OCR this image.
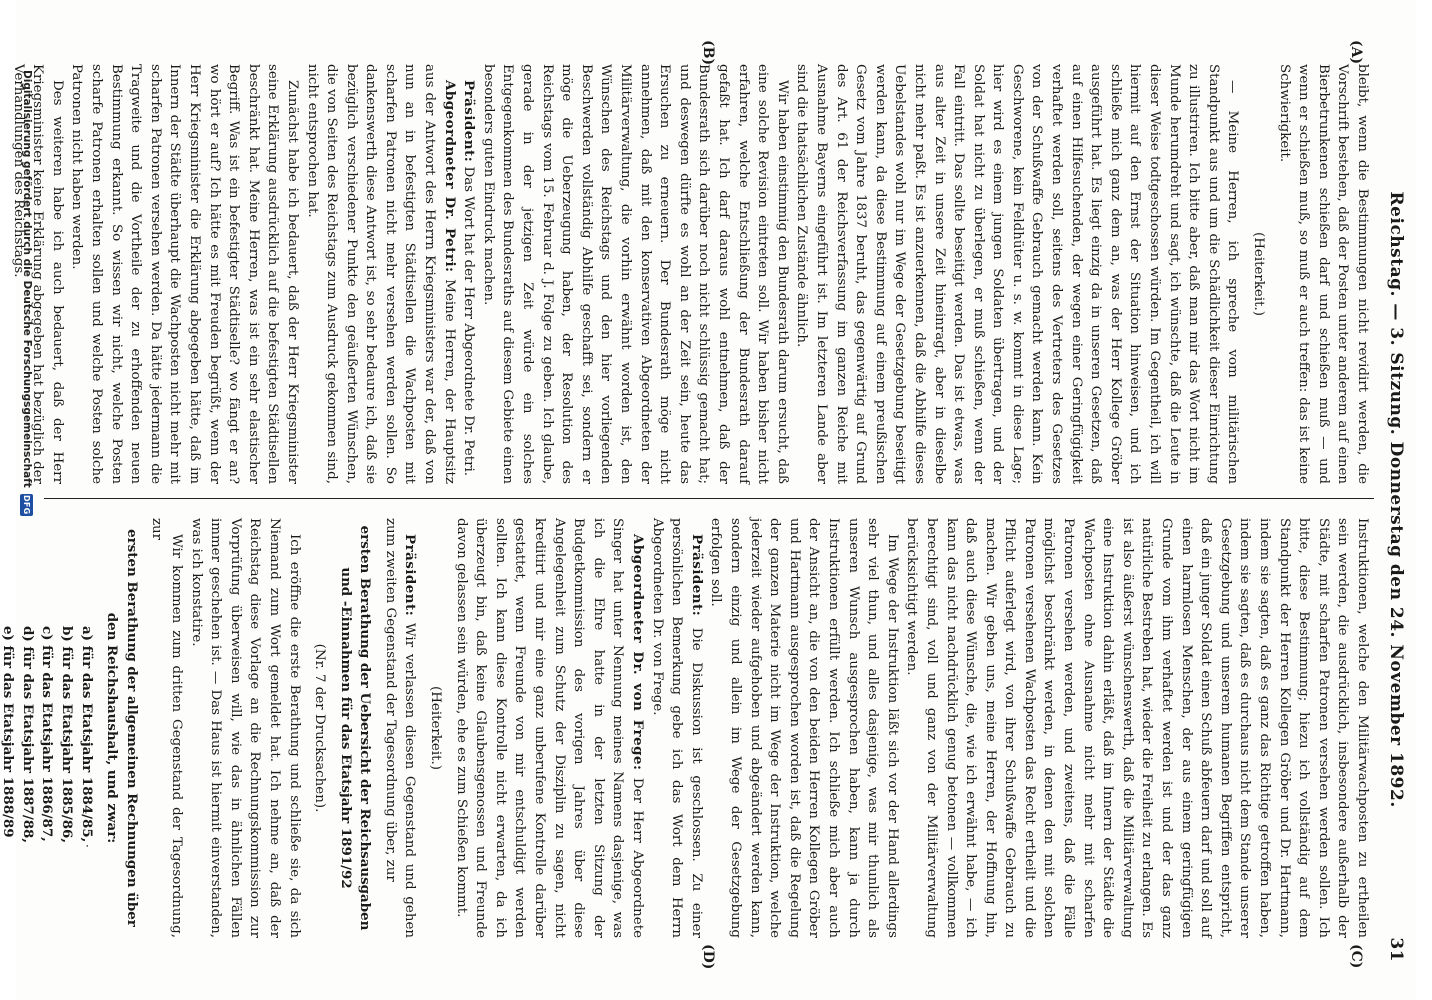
Reichstag. — 3. Sitzung. Donnerstag den 24. November 1892.
31
(A)
(B)
(C)
(D)

bleibt, wenn die Bestimmungen nicht revidirt werden, die Vorschrift bestehen, daß der Posten unter anderem auf einen Bierbetrunkenen schießen darf und schießen muß — und wenn er schießen muß, so muß er auch treffen: das ist keine Schwierigkeit.

(Heiterkeit.)

— Meine Herren, ich spreche vom militärischen Standpunkt aus und um die Schädlichkeit dieser Einrichtung zu illustriren. Ich bitte aber, daß man mir das Wort nicht im Munde herumdreht und sagt, ich wünschte, daß die Leute in dieser Weise todtgeschossen würden. Im Gegentheil, ich will hiermit auf den Ernst der Situation hinweisen, und ich schließe mich ganz dem an, was der Herr Kollege Gröber ausgeführt hat. Es liegt einzig da in unseren Gesetzen, daß auf einen Hilfesuchenden, der wegen einer Geringfügigkeit verhaftet werden soll, seitens des Vertreters des Gesetzes von der Schußwaffe Gebrauch gemacht werden kann. Kein Geschworene, kein Feldhüter u. s. w. kommt in diese Lage; hier wird es einem jungen Soldaten übertragen, und der Soldat hat nicht zu überlegen, er muß schießen, wenn der Fall eintritt. Das sollte beseitigt werden. Das ist etwas, was aus alter Zeit in unsere Zeit hineinragt, aber in dieselbe nicht mehr paßt. Es ist anzuerkennen, daß die Abhilfe dieses Uebelstandes wohl nur im Wege der Gesetzgebung beseitigt werden kann, da diese Bestimmung auf einem preußischen Gesetz vom Jahre 1837 beruht, das gegenwärtig auf Grund des Art. 61 der Reichsverfassung im ganzen Reiche mit Ausnahme Bayerns eingeführt ist. Im letzteren Lande aber sind die thatsächlichen Zustände ähnlich.

Wir haben einstimmig den Bundesrath darum ersucht, daß eine solche Revision eintreten soll. Wir haben bisher nicht erfahren, welche Entschließung der Bundesrath darauf gefaßt hat. Ich darf daraus wohl entnehmen, daß der Bundesrath sich darüber noch nicht schlüssig gemacht hat; und deswegen dürfte es wohl an der Zeit sein, heute das Ersuchen zu erneuern. Der Bundesrath möge nicht annehmen, daß mit den konservativen Abgeordneten der Militärverwaltung, die vorhin erwähnt worden ist, den Wünschen des Reichstags und den hier vorliegenden Beschwerden vollständig Abhilfe geschafft sei, sondern er möge die Ueberzeugung haben, der Resolution des Reichstags vom 15. Februar d. J. Folge zu geben. Ich glaube, gerade in der jetzigen Zeit würde ein solches Entgegenkommen des Bundesraths auf diesem Gebiete einen besonders guten Eindruck machen.

Präsident: Das Wort hat der Herr Abgeordnete Dr. Petri.

Abgeordneter Dr. Petri: Meine Herren, der Hauptsitz aus der Antwort des Herrn Kriegsministers war der, daß von nun an in befestigten Städtisellen die Wachposten mit scharfen Patronen nicht mehr versehen werden sollen. So dankenswerth diese Antwort ist, so sehr bedaure ich, daß sie bezüglich verschiedener Punkte den geäußerten Wünschen, die von Seiten des Reichstags zum Ausdruck gekommen sind, nicht entsprochen hat.

Zunächst habe ich bedauert, daß der Herr Kriegsminister seine Erklärung ausdrücklich auf die befestigten Städtisellen beschränkt hat. Meine Herren, was ist ein sehr elastischer Begriff. Was ist ein befestigter Städtiselle? wo fängt er an? wo hört er auf? Ich hätte es mit Freuden begrüßt, wenn der Herr Kriegsminister die Erklärung abgegeben hätte, daß im Innern der Städte überhaupt die Wachposten nicht mehr mit scharfen Patronen versehen werden. Da hätte jedermann die Tragweite und die Vortheile der zu erhoffenden neuen Bestimmung erkannt. So wissen wir nicht, welche Posten scharfe Patronen erhalten sollen und welche Posten solche Patronen nicht haben werden.

Des weiteren habe ich auch bedauert, daß der Herr Kriegsminister keine Erklärung abgegeben hat bezüglich der Verhandlungen des Reichstags.

Instruktionen, welche den Militärwachposten zu ertheilen sein werden, die ausdrücklich, insbesondere außerhalb der Städte, mit scharfen Patronen versehen werden sollen. Ich bitte, diese Bestimmung; hiezu ich vollständig auf dem Standpunkt der Herren Kollegen Gröber und Dr. Hartmann, indem sie sagten, daß es ganz das Richtige getroffen haben, indem sie sagten, daß es durchaus nicht dem Stande unserer Gesetzgebung und unserem humanen Begriffen entspricht, daß ein junger Soldat einen Schuß abfeuern darf und soll auf einen harmlosen Menschen, der aus einem geringfügigen Grunde vom ihm verhaftet werden ist und der das ganz natürliche Bestreben hat, wieder die Freiheit zu erlangen. Es ist also äußerst wünschenswerth, daß die Militärverwaltung eine Instruktion dahin erläßt, daß im Innern der Städte die Wachposten ohne Ausnahme nicht mehr mit scharfen Patronen versehen werden, und zweitens, daß die Fälle möglichst beschränkt werden, in denen den mit solchen Patronen versehenen Wachposten das Recht ertheilt und die Pflicht auferlegt wird, von ihrer Schußwaffe Gebrauch zu machen. Wir geben uns, meine Herren, der Hoffnung hin, daß auch diese Wünsche, die, wie ich erwähnt habe, — ich kann das nicht nachdrücklich genug betonen — vollkommen berechtigt sind, voll und ganz von der Militärverwaltung berücksichtigt werden.

Im Wege der Instruktion läßt sich vor der Hand allerdings sehr viel thun, und alles dasjenige, was mir thunlich als unseren Wunsch ausgesprochen haben, kann ja durch Instruktionen erfüllt werden. Ich schließe mich aber auch der Ansicht an, die von den beiden Herren Kollegen Gröber und Hartmann ausgesprochen worden ist, daß die Regelung der ganzen Materie nicht im Wege der Instruktion, welche jederzeit wieder aufgehoben und abgeändert werden kann, sondern einzig und allein im Wege der Gesetzgebung erfolgen soll.

Präsident: Die Diskussion ist geschlossen. Zu einer persönlichen Bemerkung gebe ich das Wort dem Herrn Abgeordneten Dr. von Frege.

Abgeordneter Dr. von Frege: Der Herr Abgeordnete Singer hat unter Nennung meines Namens dasjenige, was ich die Ehre hatte in der letzten Sitzung der Budgetkommission des vorigen Jahres über diese Angelegenheit zum Schutz der Disziplin zu sagen, nicht kreditirt und mir eine ganz unberufene Kontrolle darüber gestattet, wenn Freunde von mir entschuldigt werden sollten. Ich kann diese Kontrolle nicht erwarten, da ich überzeugt bin, daß keine Glaubensgenossen und Freunde davon gelassen sein würden, ehe es zum Schießen kommt.

(Heiterkeit.)

Präsident: Wir verlassen diesen Gegenstand und gehen zum zweiten Gegenstand der Tagesordnung über, zur

ersten Berathung der Uebersicht der Reichsausgaben und -Einnahmen für das Etatsjahr 1891/92

(Nr. 7 der Drucksachen).

Ich eröffne die erste Berathung und schließe sie, da sich Niemand zum Wort gemeldet hat. Ich nehme an, daß der Reichstag diese Vorlage an die Rechnungskommission zur Vorprüfung überweisen will, wie das in ähnlichen Fällen immer geschehen ist. — Das Haus ist hiermit einverstanden, was ich konstatire.

Wir kommen zum dritten Gegenstand der Tagesordnung, zur

ersten Berathung der allgemeinen Rechnungen über den Reichshaushalt, und zwar:

a) für das Etatsjahr 1884/85,
b) für das Etatsjahr 1885/86,
c) für das Etatsjahr 1886/87,
d) für das Etatsjahr 1887/88,
e) für das Etatsjahr 1888/89

·
Digitalisierung gefördert durch die Deutsche Forschungsgemeinschaft
DFG
